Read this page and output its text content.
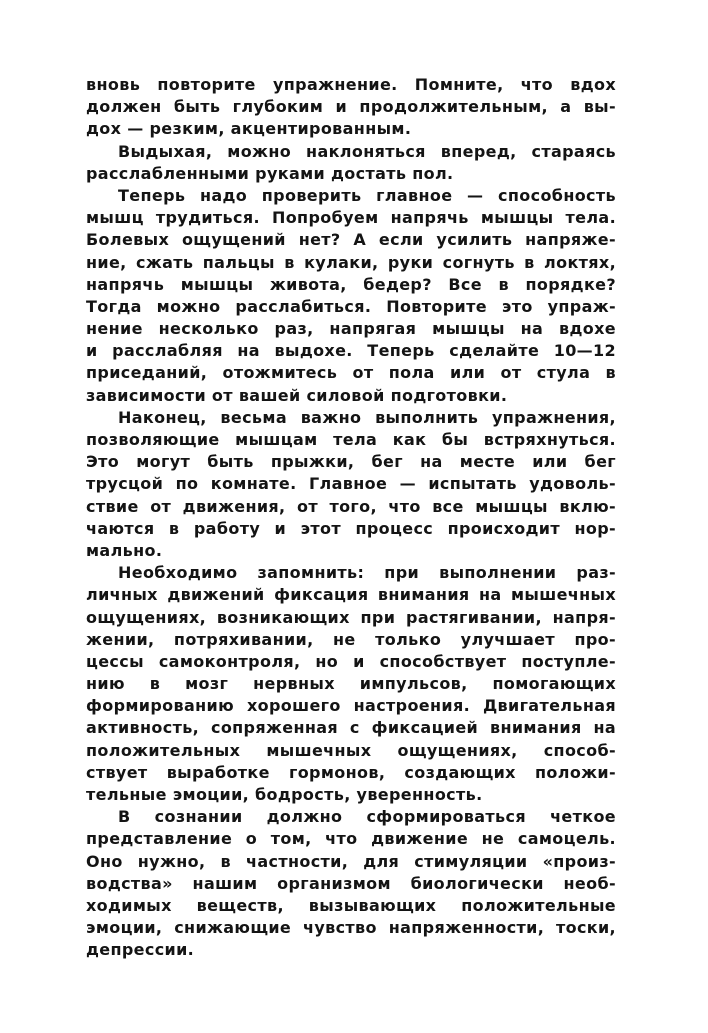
вновь повторите упражнение. Помните, что вдох
должен быть глубоким и продолжительным, а вы-
дох — резким, акцентированным.
Выдыхая, можно наклоняться вперед, стараясь
расслабленными руками достать пол.
Теперь надо проверить главное — способность
мышц трудиться. Попробуем напрячь мышцы тела.
Болевых ощущений нет? А если усилить напряже-
ние, сжать пальцы в кулаки, руки согнуть в локтях,
напрячь мышцы живота, бедер? Все в порядке?
Тогда можно расслабиться. Повторите это упраж-
нение несколько раз, напрягая мышцы на вдохе
и расслабляя на выдохе. Теперь сделайте 10—12
приседаний, отожмитесь от пола или от стула в
зависимости от вашей силовой подготовки.
Наконец, весьма важно выполнить упражнения,
позволяющие мышцам тела как бы встряхнуться.
Это могут быть прыжки, бег на месте или бег
трусцой по комнате. Главное — испытать удоволь-
ствие от движения, от того, что все мышцы вклю-
чаются в работу и этот процесс происходит нор-
мально.
Необходимо запомнить: при выполнении раз-
личных движений фиксация внимания на мышечных
ощущениях, возникающих при растягивании, напря-
жении, потряхивании, не только улучшает про-
цессы самоконтроля, но и способствует поступле-
нию в мозг нервных импульсов, помогающих
формированию хорошего настроения. Двигательная
активность, сопряженная с фиксацией внимания на
положительных мышечных ощущениях, способ-
ствует выработке гормонов, создающих положи-
тельные эмоции, бодрость, уверенность.
В сознании должно сформироваться четкое
представление о том, что движение не самоцель.
Оно нужно, в частности, для стимуляции «произ-
водства» нашим организмом биологически необ-
ходимых веществ, вызывающих положительные
эмоции, снижающие чувство напряженности, тоски,
депрессии.
